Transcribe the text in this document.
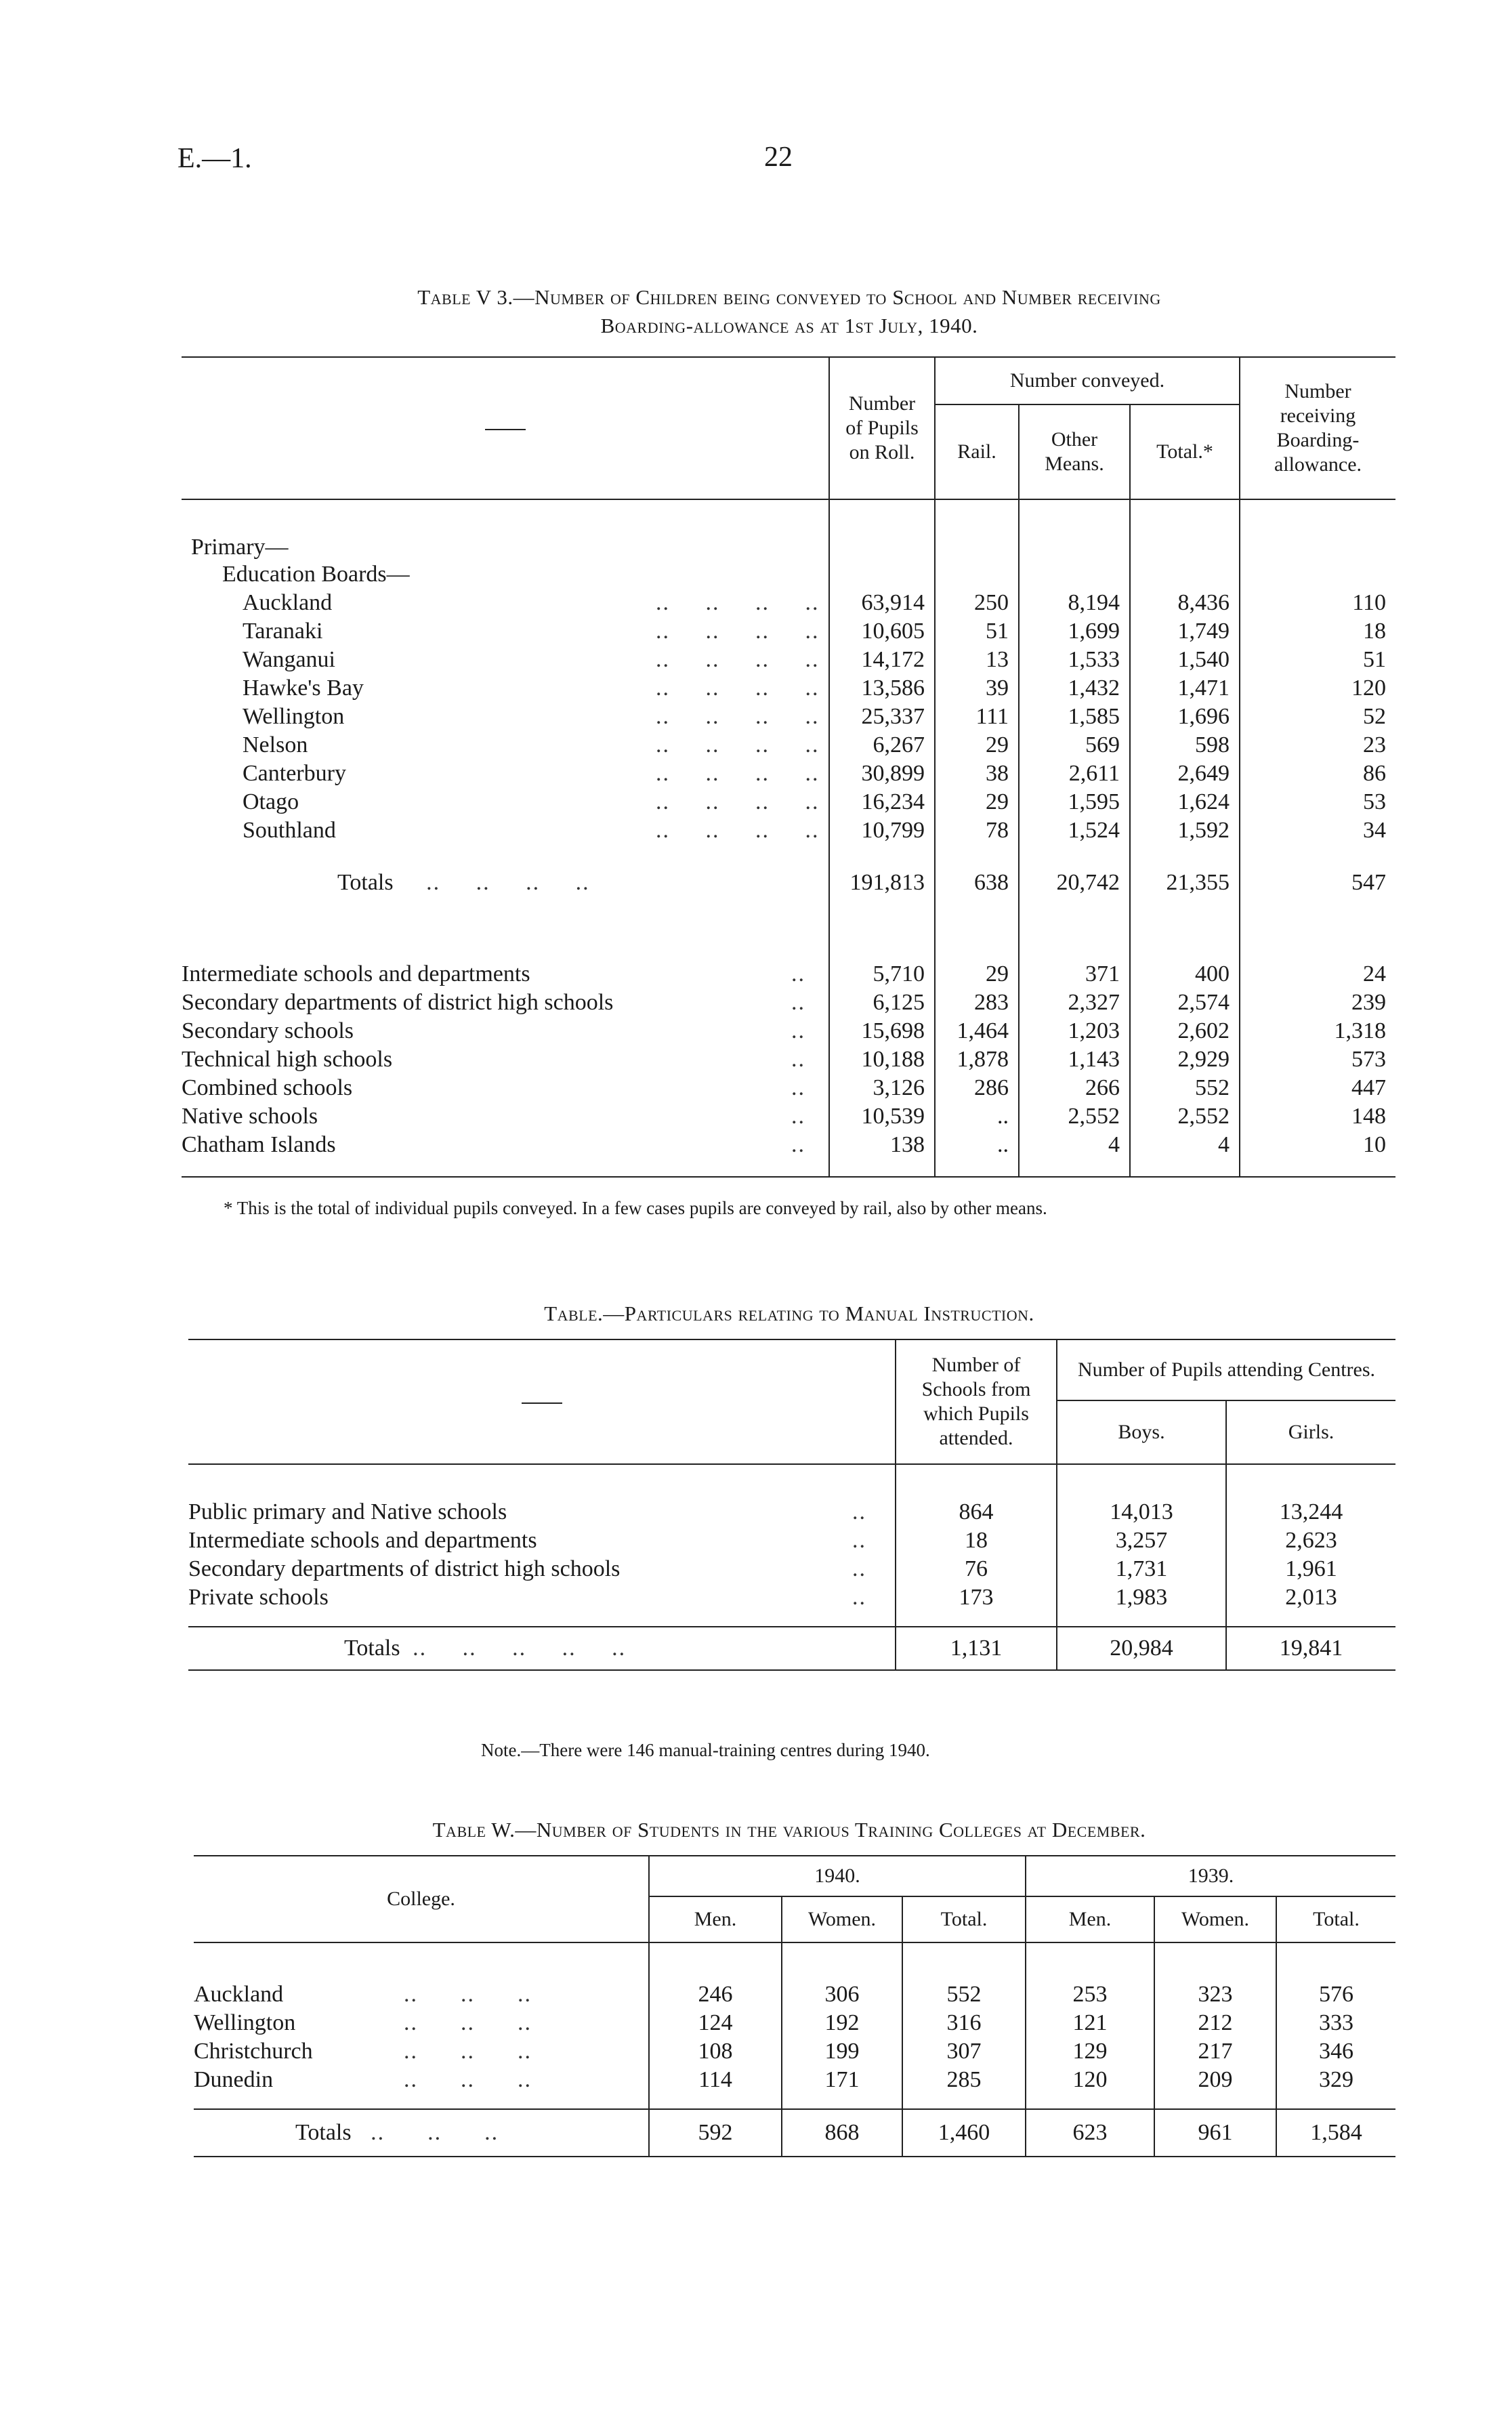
E.—1.	22
Table V 3.—Number of Children being conveyed to School and Number receiving
Boarding-allowance as at 1st July, 1940.
	Number of Pupils on Roll.	Number conveyed.			Number receiving Boarding-allowance.
		Rail.	Other Means.	Total.*	

Primary—					
Education Boards—					
Auckland ..     ..     ..     ..	63,914	250	8,194	8,436	110
Taranaki ..     ..     ..     ..	10,605	51	1,699	1,749	18
Wanganui ..     ..     ..     ..	14,172	13	1,533	1,540	51
Hawke's Bay ..     ..     ..     ..	13,586	39	1,432	1,471	120
Wellington ..     ..     ..     ..	25,337	111	1,585	1,696	52
Nelson ..     ..     ..     ..	6,267	29	569	598	23
Canterbury ..     ..     ..     ..	30,899	38	2,611	2,649	86
Otago ..     ..     ..     ..	16,234	29	1,595	1,624	53
Southland ..     ..     ..     ..	10,799	78	1,524	1,592	34

Totals ..     ..     ..     ..	191,813	638	20,742	21,355	547

Intermediate schools and departments ..	5,710	29	371	400	24
Secondary departments of district high schools ..	6,125	283	2,327	2,574	239
Secondary schools ..	15,698	1,464	1,203	2,602	1,318
Technical high schools ..	10,188	1,878	1,143	2,929	573
Combined schools ..	3,126	286	266	552	447
Native schools ..	10,539	..	2,552	2,552	148
Chatham Islands ..	138	..	4	4	10

* This is the total of individual pupils conveyed. In a few cases pupils are conveyed by rail, also by other means.
Table.—Particulars relating to Manual Instruction.
	Number of Schools from which Pupils attended.	Number of Pupils attending Centres.	
		Boys.	Girls.

Public primary and Native schools ..	864	14,013	13,244
Intermediate schools and departments ..	18	3,257	2,623
Secondary departments of district high schools ..	76	1,731	1,961
Private schools ..	173	1,983	2,013

Totals ..     ..     ..     ..     ..	1,131	20,984	19,841
Note.—There were 146 manual-training centres during 1940.
Table W.—Number of Students in the various Training Colleges at December.
College.	1940.			1939.		
	Men.	Women.	Total.	Men.	Women.	Total.

Auckland ..      ..      ..	246	306	552	253	323	576
Wellington ..      ..      ..	124	192	316	121	212	333
Christchurch ..      ..      ..	108	199	307	129	217	346
Dunedin ..      ..      ..	114	171	285	120	209	329

Totals ..      ..      ..	592	868	1,460	623	961	1,584
